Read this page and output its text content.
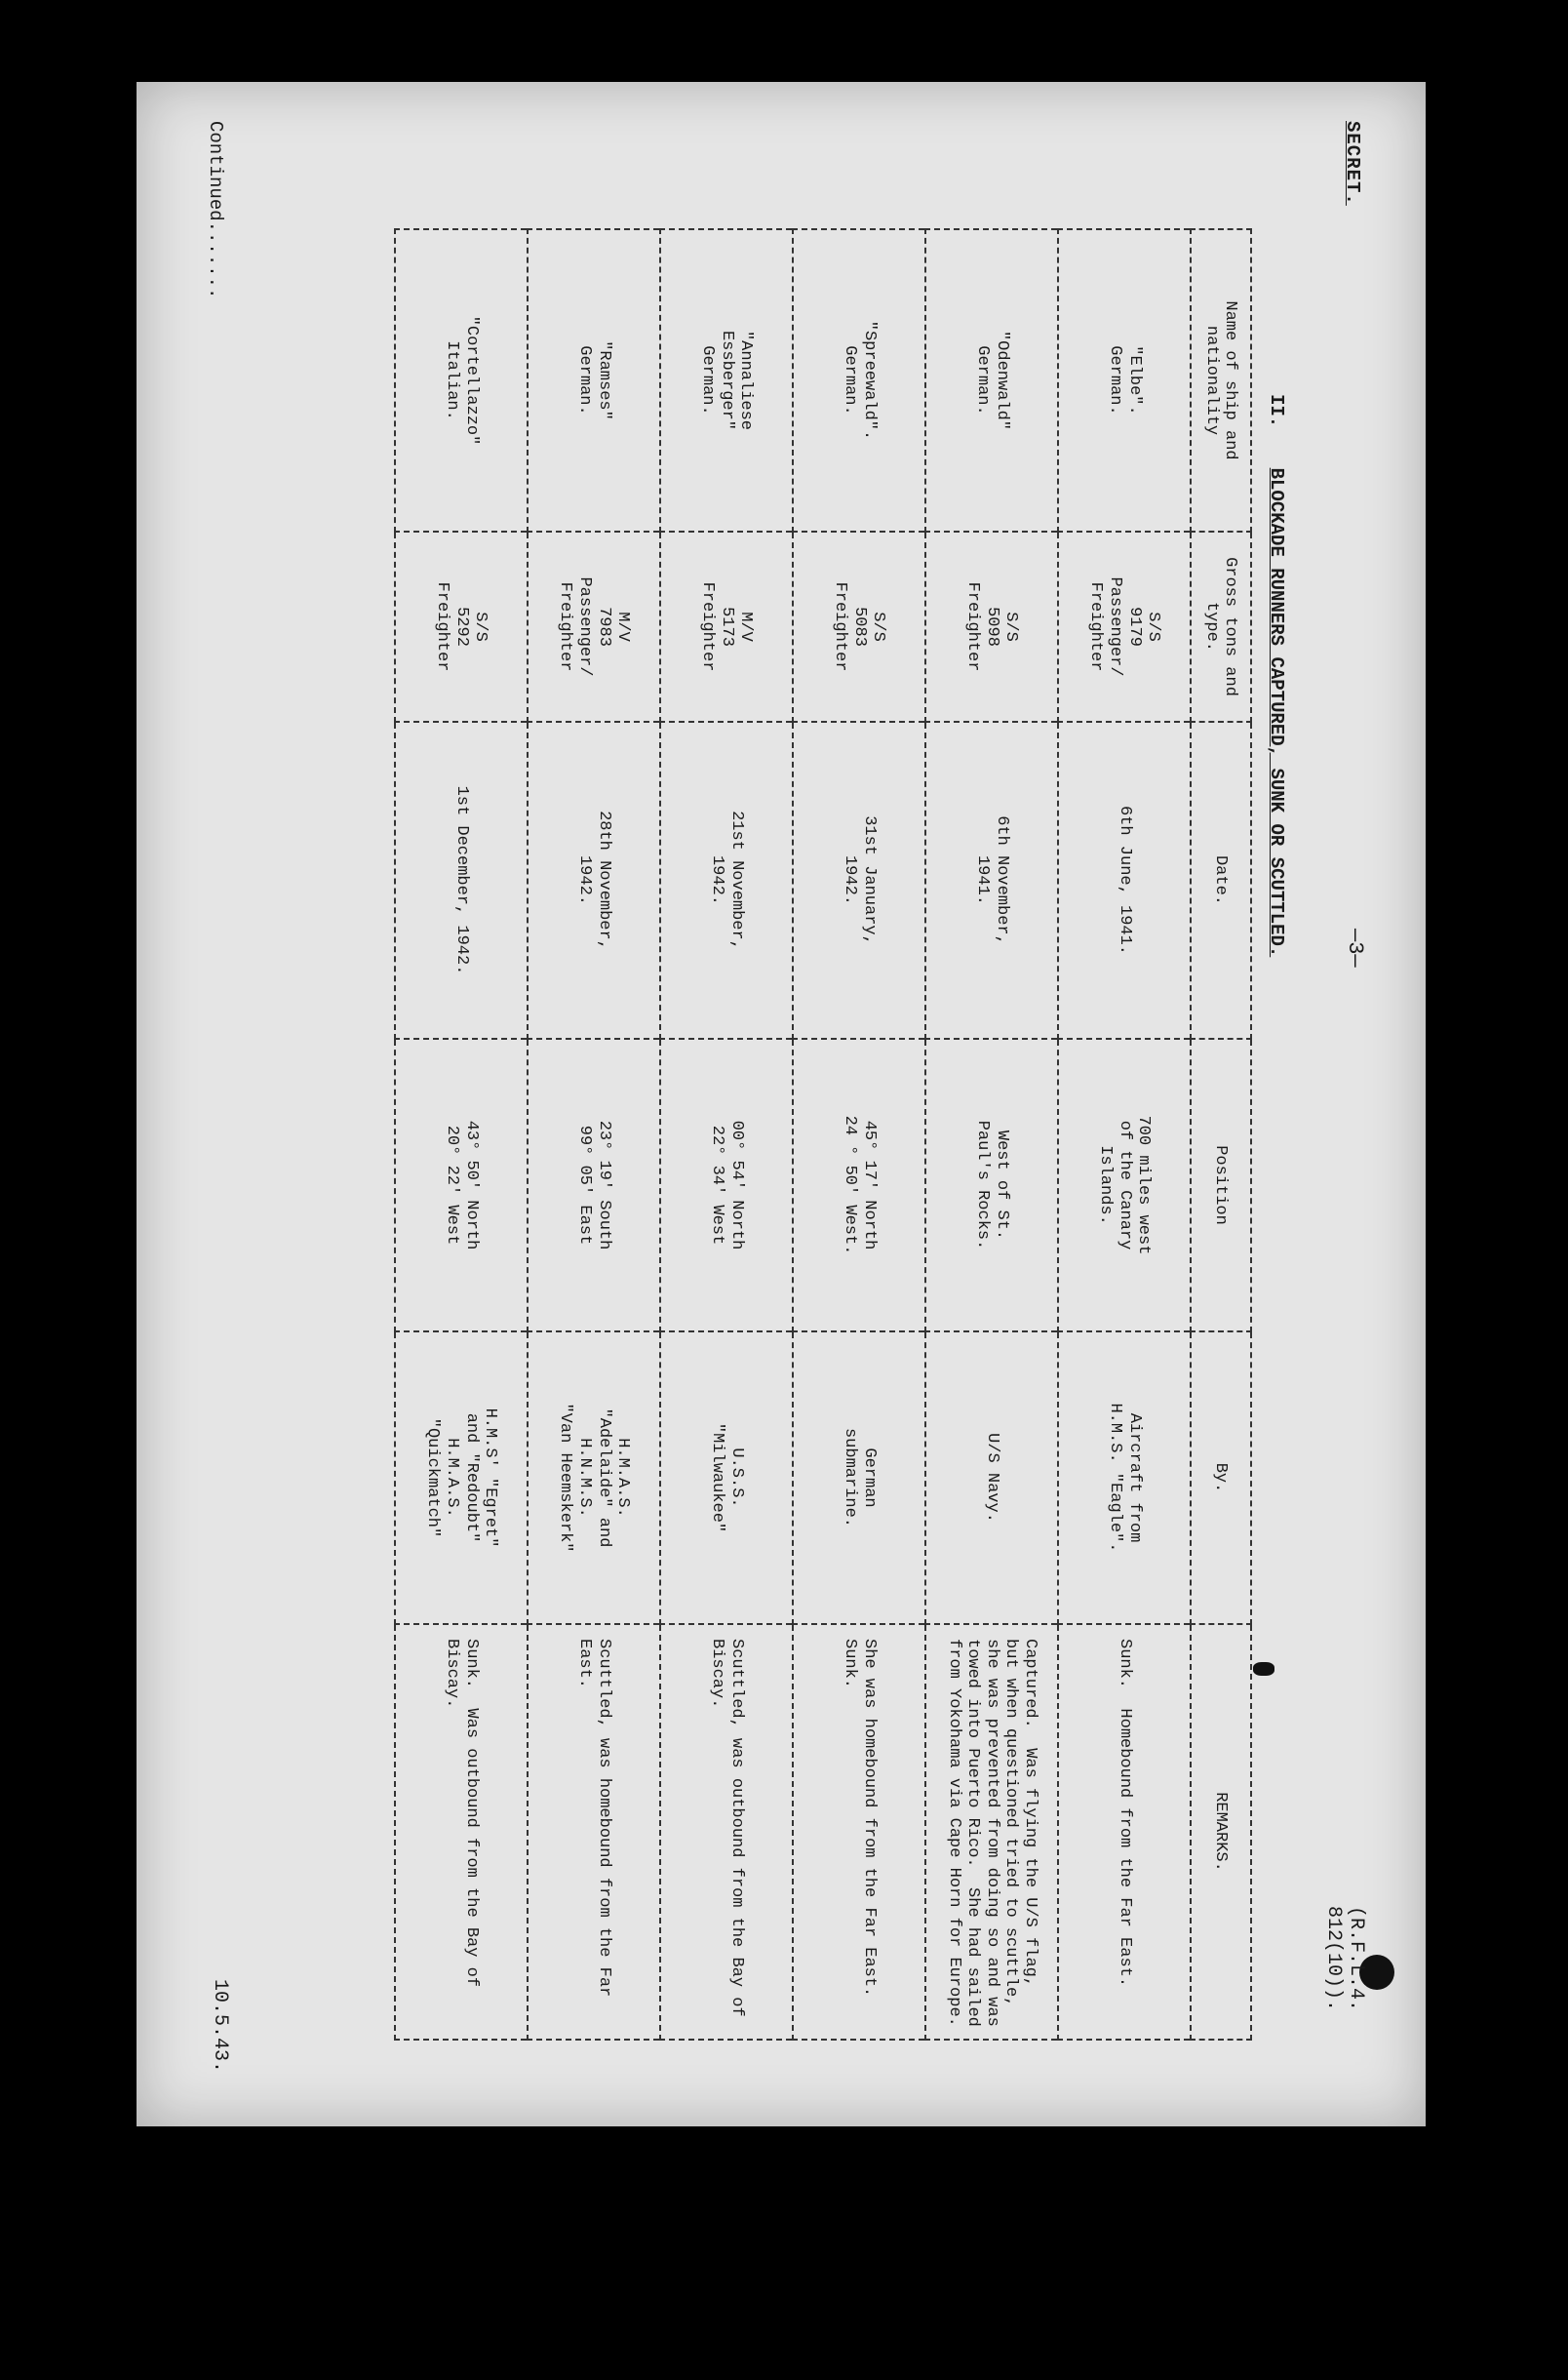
(R.F.L.4. 812(10)).
—3—
SECRET.
II. BLOCKADE RUNNERS CAPTURED, SUNK OR SCUTTLED.
Name of ship and nationality	Gross tons and type.	Date.	Position	By.	REMARKS.

"Elbe".
German.	S/S
9179
Passenger/
Freighter	6th June, 1941.	700 miles west
of the Canary
Islands.	Aircraft from
H.M.S. "Eagle".	Sunk.  Homebound from the Far East.

"Odenwald"
German.	S/S
5098
Freighter	6th November,
1941.	West of St.
Paul's Rocks.	U/S Navy.	Captured.  Was flying the U/S flag,
but when questioned tried to scuttle,
she was prevented from doing so and was
towed into Puerto Rico.  She had sailed
from Yokohama via Cape Horn for Europe.

"Spreewald".
German.	S/S
5083
Freighter	31st January,
1942.	45° 17' North
24 ° 50' West.	German
submarine.	She was homebound from the Far East.
Sunk.

"Annaliese
Essberger"
German.	M/V
5173
Freighter	21st November,
1942.	00° 54' North
22° 34' West	U.S.S.
"Milwaukee"	Scuttled, was outbound from the Bay of
Biscay.

"Ramses"
German.	M/V
7983
Passenger/
Freighter	28th November,
1942.	23° 19' South
99° 05' East	H.M.A.S.
"Adelaide" and
H.N.M.S.
"Van Heemskerk"	Scuttled, was homebound from the Far
East.

"Cortellazzo"
Italian.	S/S
5292
Freighter	1st December, 1942.	43° 50' North
20° 22' West	H.M.S' "Egret"
and "Redoubt"
H.M.A.S.
"Quickmatch"	Sunk.  Was outbound from the Bay of
Biscay.
Continued.......
10.5.43.
